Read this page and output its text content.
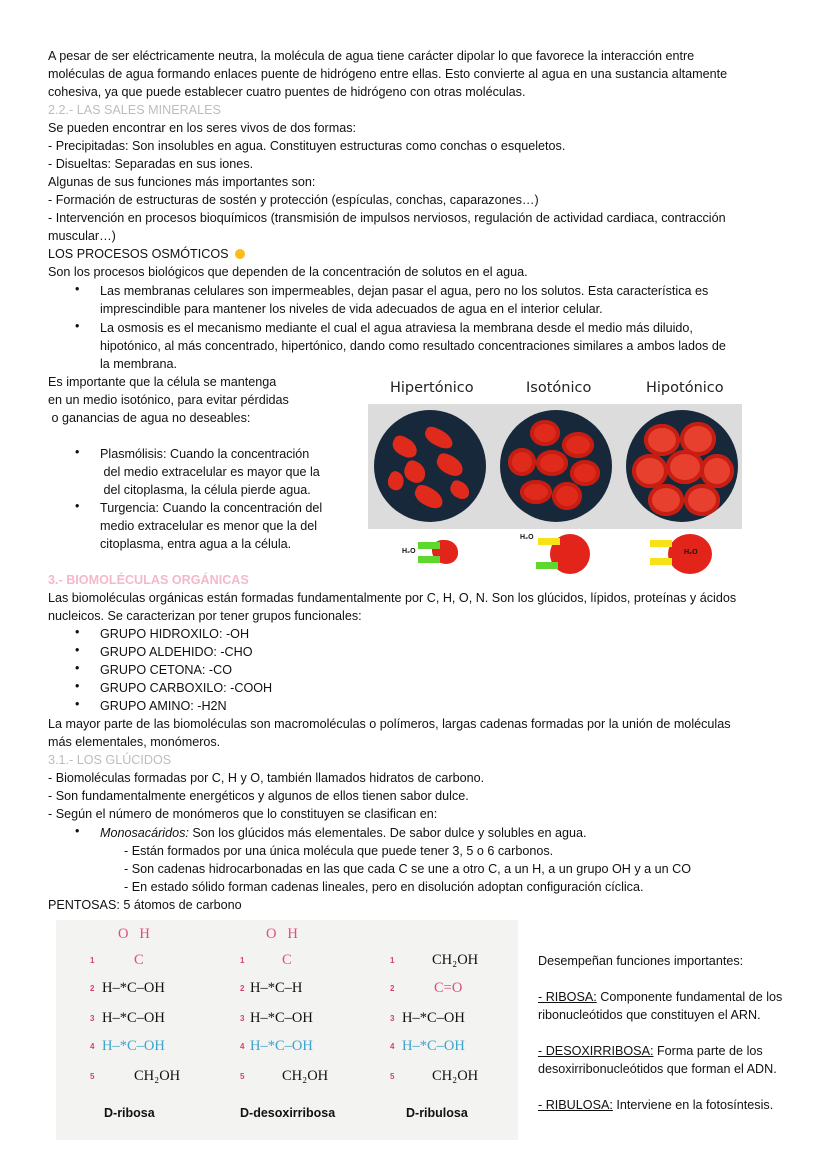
A pesar de ser eléctricamente neutra, la molécula de agua tiene carácter dipolar lo que favorece la interacción entre
moléculas de agua formando enlaces puente de hidrógeno entre ellas. Esto convierte al agua en una sustancia altamente
cohesiva, ya que puede establecer cuatro puentes de hidrógeno con otras moléculas.
2.2.- LAS SALES MINERALES
Se pueden encontrar en los seres vivos de dos formas:
- Precipitadas: Son insolubles en agua. Constituyen estructuras como conchas o esqueletos.
- Disueltas: Separadas en sus iones.
Algunas de sus funciones más importantes son:
- Formación de estructuras de sostén y protección (espículas, conchas, caparazones…)
- Intervención en procesos bioquímicos (transmisión de impulsos nerviosos, regulación de actividad cardiaca, contracción
muscular…)
LOS PROCESOS OSMÓTICOS
Son los procesos biológicos que dependen de la concentración de solutos en el agua.
Las membranas celulares son impermeables, dejan pasar el agua, pero no los solutos. Esta característica es
imprescindible para mantener los niveles de vida adecuados de agua en el interior celular.
La osmosis es el mecanismo mediante el cual el agua atraviesa la membrana desde el medio más diluido,
hipotónico, al más concentrado, hipertónico, dando como resultado concentraciones similares a ambos lados de
la membrana.
Es importante que la célula se mantenga
en un medio isotónico, para evitar pérdidas
o ganancias de agua no deseables:
Plasmólisis: Cuando la concentración
del medio extracelular es mayor que la
del citoplasma, la célula pierde agua.
Turgencia: Cuando la concentración del
medio extracelular es menor que la del
citoplasma, entra agua a la célula.
Hipertónico	Isotónico	Hipotónico
H₂O
H₂O
H₂O
3.- BIOMOLÉCULAS ORGÁNICAS
Las biomoléculas orgánicas están formadas fundamentalmente por C, H, O, N. Son los glúcidos, lípidos, proteínas y ácidos
nucleicos. Se caracterizan por tener grupos funcionales:
GRUPO HIDROXILO: -OH
GRUPO ALDEHIDO: -CHO
GRUPO CETONA: -CO
GRUPO CARBOXILO: -COOH
GRUPO AMINO: -H2N
La mayor parte de las biomoléculas son macromoléculas o polímeros, largas cadenas formadas por la unión de moléculas
más elementales, monómeros.
3.1.- LOS GLÚCIDOS
- Biomoléculas formadas por C, H y O, también llamados hidratos de carbono.
- Son fundamentalmente energéticos y algunos de ellos tienen sabor dulce.
- Según el número de monómeros que lo constituyen se clasifican en:
Monosacáridos: Son los glúcidos más elementales. De sabor dulce y solubles en agua.
- Están formados por una única molécula que puede tener 3, 5 o 6 carbonos.
- Son cadenas hidrocarbonadas en las que cada C se une a otro C, a un H, a un grupo OH y a un CO
- En estado sólido forman cadenas lineales, pero en disolución adoptan configuración cíclica.
PENTOSAS: 5 átomos de carbono
O   H
C
H–*C–OH
H–*C–OH
H–*C–OH
CH₂OH
D-ribosa
O   H
C
H–*C–H
H–*C–OH
H–*C–OH
CH₂OH
D-desoxirribosa
CH₂OH
C=O
H–*C–OH
H–*C–OH
CH₂OH
D-ribulosa
1
2
3
4
5
1
2
3
4
5
1
2
3
4
5
Desempeñan funciones importantes:
- RIBOSA: Componente fundamental de los
ribonucleótidos que constituyen el ARN.
- DESOXIRRIBOSA: Forma parte de los
desoxirribonucleótidos que forman el ADN.
- RIBULOSA: Interviene en la fotosíntesis.
